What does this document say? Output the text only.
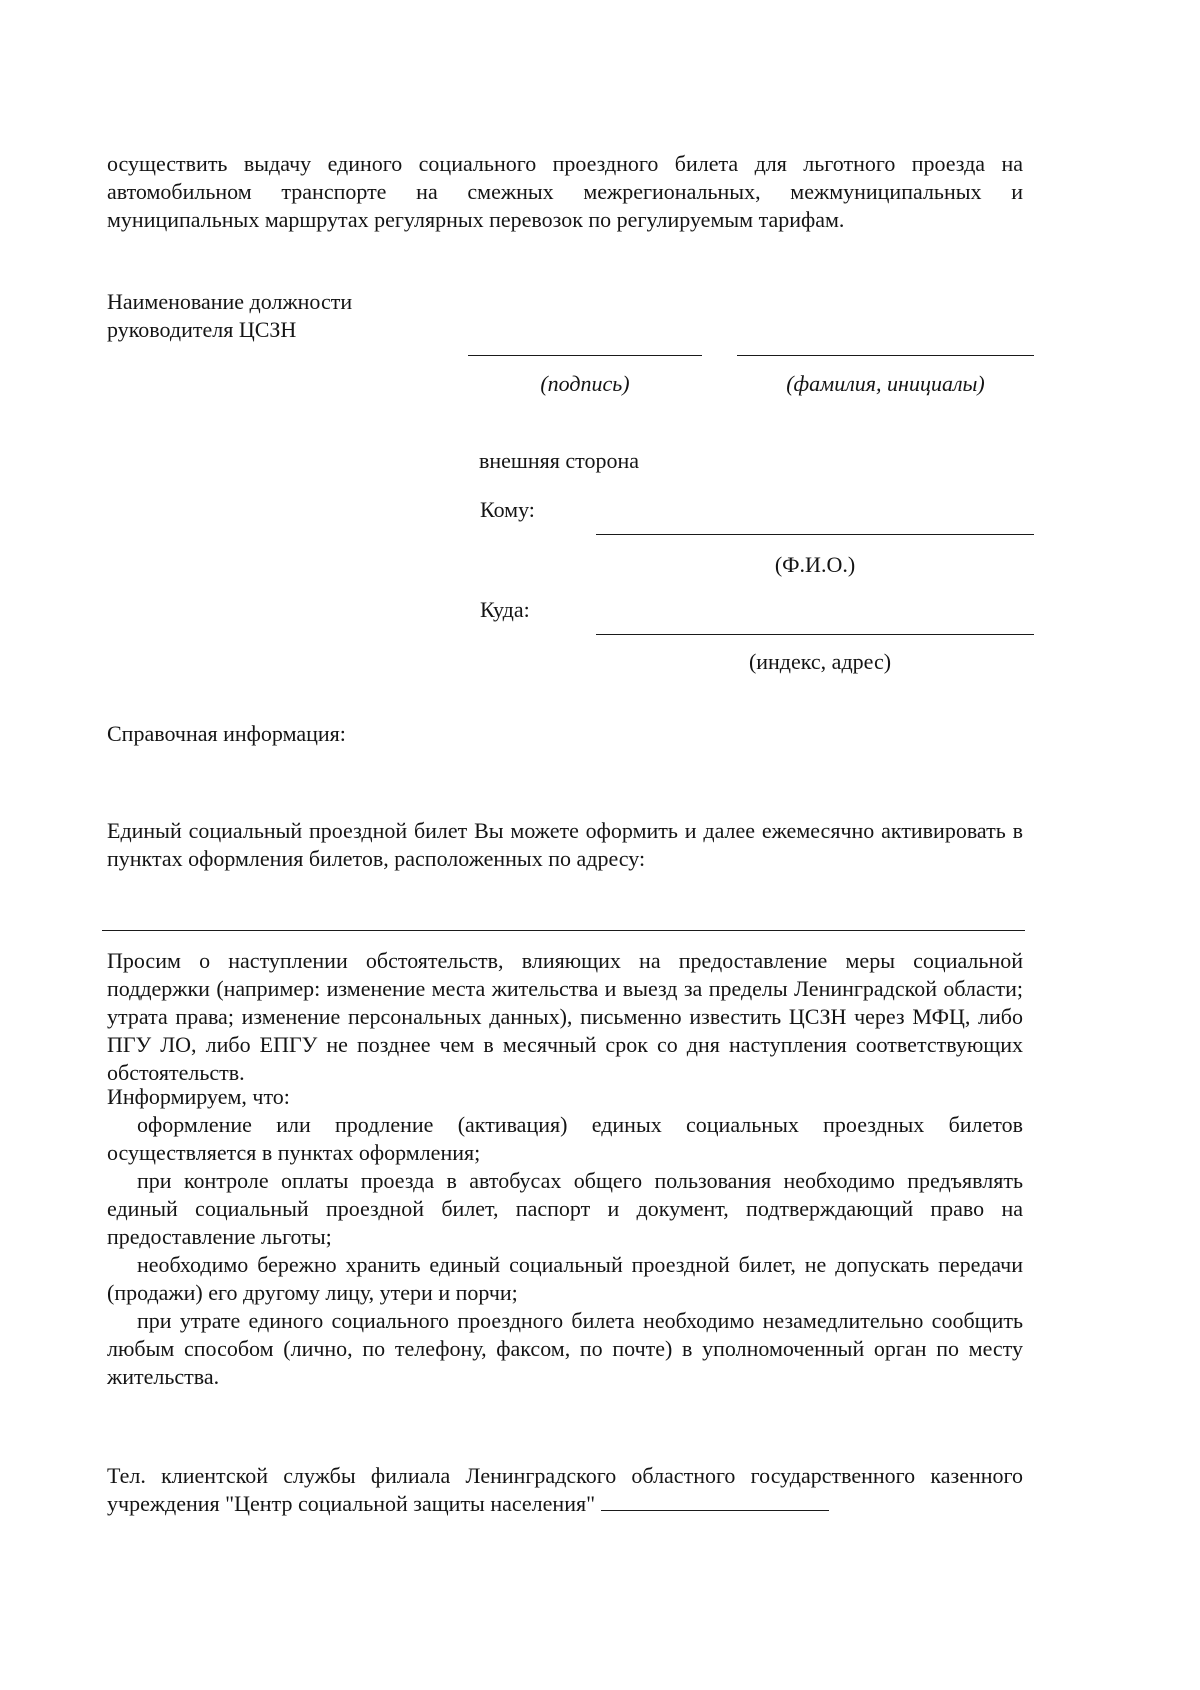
осуществить выдачу единого социального проездного билета для льготного проезда на автомобильном транспорте на смежных межрегиональных, межмуниципальных и муниципальных маршрутах регулярных перевозок по регулируемым тарифам.
Наименование должности
руководителя ЦСЗН
(подпись)	(фамилия, инициалы)
внешняя сторона
Кому:
(Ф.И.О.)
Куда:
(индекс, адрес)
Справочная информация:
Единый социальный проездной билет Вы можете оформить и далее ежемесячно активировать в пунктах оформления билетов, расположенных по адресу:
Просим о наступлении обстоятельств, влияющих на предоставление меры социальной поддержки (например: изменение места жительства и выезд за пределы Ленинградской области; утрата права; изменение персональных данных), письменно известить ЦСЗН через МФЦ, либо ПГУ ЛО, либо ЕПГУ не позднее чем в месячный срок со дня наступления соответствующих обстоятельств.

Информируем, что:

оформление или продление (активация) единых социальных проездных билетов осуществляется в пунктах оформления;

при контроле оплаты проезда в автобусах общего пользования необходимо предъявлять единый социальный проездной билет, паспорт и документ, подтверждающий право на предоставление льготы;

необходимо бережно хранить единый социальный проездной билет, не допускать передачи (продажи) его другому лицу, утери и порчи;

при утрате единого социального проездного билета необходимо незамедлительно сообщить любым способом (лично, по телефону, факсом, по почте) в уполномоченный орган по месту жительства.

Тел. клиентской службы филиала Ленинградского областного государственного казенного учреждения "Центр социальной защиты населения"
